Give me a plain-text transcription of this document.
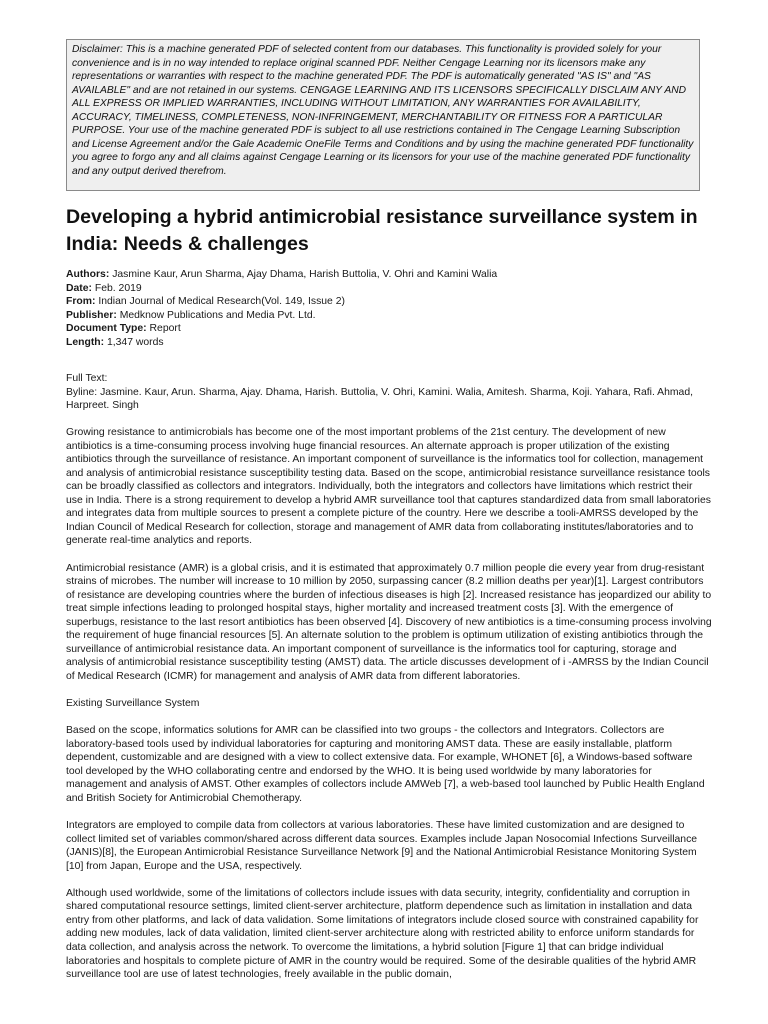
Disclaimer: This is a machine generated PDF of selected content from our databases. This functionality is provided solely for your convenience and is in no way intended to replace original scanned PDF. Neither Cengage Learning nor its licensors make any representations or warranties with respect to the machine generated PDF. The PDF is automatically generated "AS IS" and "AS AVAILABLE" and are not retained in our systems. CENGAGE LEARNING AND ITS LICENSORS SPECIFICALLY DISCLAIM ANY AND ALL EXPRESS OR IMPLIED WARRANTIES, INCLUDING WITHOUT LIMITATION, ANY WARRANTIES FOR AVAILABILITY, ACCURACY, TIMELINESS, COMPLETENESS, NON-INFRINGEMENT, MERCHANTABILITY OR FITNESS FOR A PARTICULAR PURPOSE. Your use of the machine generated PDF is subject to all use restrictions contained in The Cengage Learning Subscription and License Agreement and/or the Gale Academic OneFile Terms and Conditions and by using the machine generated PDF functionality you agree to forgo any and all claims against Cengage Learning or its licensors for your use of the machine generated PDF functionality and any output derived therefrom.
Developing a hybrid antimicrobial resistance surveillance system in India: Needs & challenges
Authors: Jasmine Kaur, Arun Sharma, Ajay Dhama, Harish Buttolia, V. Ohri and Kamini Walia
Date: Feb. 2019
From: Indian Journal of Medical Research(Vol. 149, Issue 2)
Publisher: Medknow Publications and Media Pvt. Ltd.
Document Type: Report
Length: 1,347 words
Full Text:
Byline: Jasmine. Kaur, Arun. Sharma, Ajay. Dhama, Harish. Buttolia, V. Ohri, Kamini. Walia, Amitesh. Sharma, Koji. Yahara, Rafi. Ahmad, Harpreet. Singh

Growing resistance to antimicrobials has become one of the most important problems of the 21st century. The development of new antibiotics is a time-consuming process involving huge financial resources. An alternate approach is proper utilization of the existing antibiotics through the surveillance of resistance. An important component of surveillance is the informatics tool for collection, management and analysis of antimicrobial resistance susceptibility testing data. Based on the scope, antimicrobial resistance surveillance resistance tools can be broadly classified as collectors and integrators. Individually, both the integrators and collectors have limitations which restrict their use in India. There is a strong requirement to develop a hybrid AMR surveillance tool that captures standardized data from small laboratories and integrates data from multiple sources to present a complete picture of the country. Here we describe a tooli-AMRSS developed by the Indian Council of Medical Research for collection, storage and management of AMR data from collaborating institutes/laboratories and to generate real-time analytics and reports.

Antimicrobial resistance (AMR) is a global crisis, and it is estimated that approximately 0.7 million people die every year from drug-resistant strains of microbes. The number will increase to 10 million by 2050, surpassing cancer (8.2 million deaths per year)[1]. Largest contributors of resistance are developing countries where the burden of infectious diseases is high [2]. Increased resistance has jeopardized our ability to treat simple infections leading to prolonged hospital stays, higher mortality and increased treatment costs [3]. With the emergence of superbugs, resistance to the last resort antibiotics has been observed [4]. Discovery of new antibiotics is a time-consuming process involving the requirement of huge financial resources [5]. An alternate solution to the problem is optimum utilization of existing antibiotics through the surveillance of antimicrobial resistance data. An important component of surveillance is the informatics tool for capturing, storage and analysis of antimicrobial resistance susceptibility testing (AMST) data. The article discusses development of i -AMRSS by the Indian Council of Medical Research (ICMR) for management and analysis of AMR data from different laboratories.

Existing Surveillance System

Based on the scope, informatics solutions for AMR can be classified into two groups - the collectors and Integrators. Collectors are laboratory-based tools used by individual laboratories for capturing and monitoring AMST data. These are easily installable, platform dependent, customizable and are designed with a view to collect extensive data. For example, WHONET [6], a Windows-based software tool developed by the WHO collaborating centre and endorsed by the WHO. It is being used worldwide by many laboratories for management and analysis of AMST. Other examples of collectors include AMWeb [7], a web-based tool launched by Public Health England and British Society for Antimicrobial Chemotherapy.

Integrators are employed to compile data from collectors at various laboratories. These have limited customization and are designed to collect limited set of variables common/shared across different data sources. Examples include Japan Nosocomial Infections Surveillance (JANIS)[8], the European Antimicrobial Resistance Surveillance Network [9] and the National Antimicrobial Resistance Monitoring System [10] from Japan, Europe and the USA, respectively.

Although used worldwide, some of the limitations of collectors include issues with data security, integrity, confidentiality and corruption in shared computational resource settings, limited client-server architecture, platform dependence such as limitation in installation and data entry from other platforms, and lack of data validation. Some limitations of integrators include closed source with constrained capability for adding new modules, lack of data validation, limited client-server architecture along with restricted ability to enforce uniform standards for data collection, and analysis across the network. To overcome the limitations, a hybrid solution [Figure 1] that can bridge individual laboratories and hospitals to complete picture of AMR in the country would be required. Some of the desirable qualities of the hybrid AMR surveillance tool are use of latest technologies, freely available in the public domain,
